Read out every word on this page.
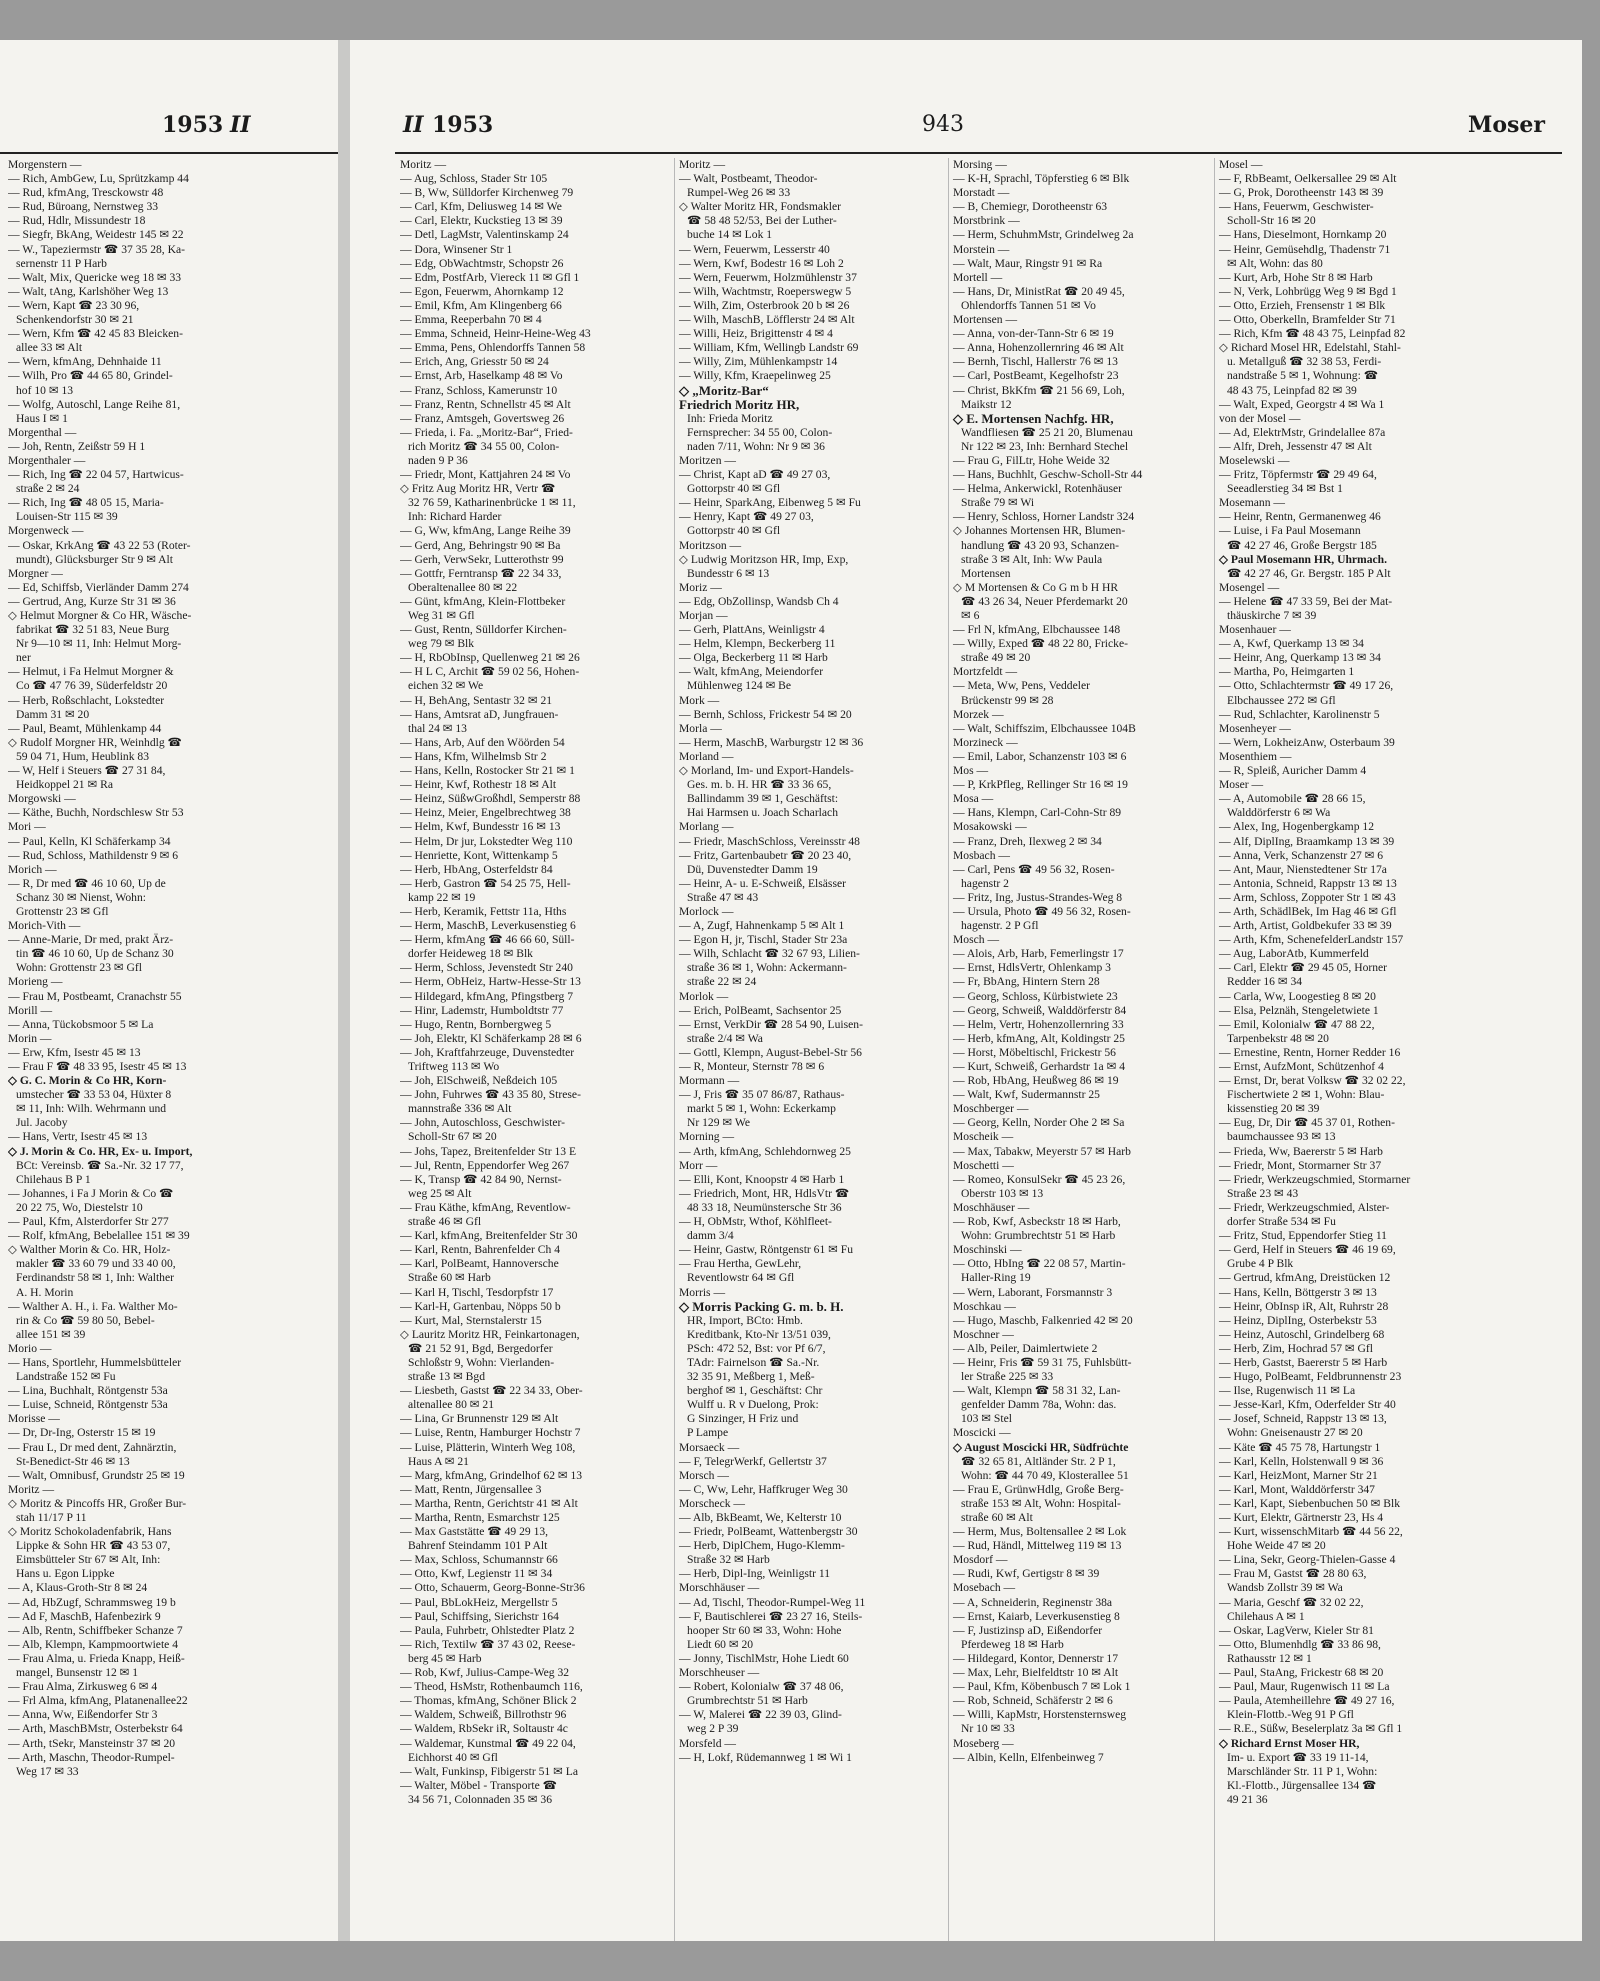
1953 II
Morgenstern —
— Rich, AmbGew, Lu, Sprützkamp 44
— Rud, kfmAng, Tresckowstr 48
— Rud, Büroang, Nernstweg 33
— Rud, Hdlr, Missundestr 18
— Siegfr, BkAng, Weidestr 145 ✉ 22
— W., Tapeziermstr ☎ 37 35 28, Ka-
sernenstr 11 P Harb
— Walt, Mix, Quericke weg 18 ✉ 33
— Walt, tAng, Karlshöher Weg 13
— Wern, Kapt ☎ 23 30 96,
Schenkendorfstr 30 ✉ 21
— Wern, Kfm ☎ 42 45 83 Bleicken-
allee 33 ✉ Alt
— Wern, kfmAng, Dehnhaide 11
— Wilh, Pro ☎ 44 65 80, Grindel-
hof 10 ✉ 13
— Wolfg, Autoschl, Lange Reihe 81,
Haus I ✉ 1
Morgenthal —
— Joh, Rentn, Zeißstr 59 H 1
Morgenthaler —
— Rich, Ing ☎ 22 04 57, Hartwicus-
straße 2 ✉ 24
— Rich, Ing ☎ 48 05 15, Maria-
Louisen-Str 115 ✉ 39
Morgenweck —
— Oskar, KrkAng ☎ 43 22 53 (Roter-
mundt), Glücksburger Str 9 ✉ Alt
Morgner —
— Ed, Schiffsb, Vierländer Damm 274
— Gertrud, Ang, Kurze Str 31 ✉ 36
◇ Helmut Morgner & Co HR, Wäsche-
fabrikat ☎ 32 51 83, Neue Burg
Nr 9—10 ✉ 11, Inh: Helmut Morg-
ner
— Helmut, i Fa Helmut Morgner &
Co ☎ 47 76 39, Süderfeldstr 20
— Herb, Roßschlacht, Lokstedter
Damm 31 ✉ 20
— Paul, Beamt, Mühlenkamp 44
◇ Rudolf Morgner HR, Weinhdlg ☎
59 04 71, Hum, Heublink 83
— W, Helf i Steuers ☎ 27 31 84,
Heidkoppel 21 ✉ Ra
Morgowski —
— Käthe, Buchh, Nordschlesw Str 53
Mori —
— Paul, Kelln, Kl Schäferkamp 34
— Rud, Schloss, Mathildenstr 9 ✉ 6
Morich —
— R, Dr med ☎ 46 10 60, Up de
Schanz 30 ✉ Nienst, Wohn:
Grottenstr 23 ✉ Gfl
Morich-Vith —
— Anne-Marie, Dr med, prakt Ärz-
tin ☎ 46 10 60, Up de Schanz 30
Wohn: Grottenstr 23 ✉ Gfl
Morieng —
— Frau M, Postbeamt, Cranachstr 55
Morill —
— Anna, Tückobsmoor 5 ✉ La
Morin —
— Erw, Kfm, Isestr 45 ✉ 13
— Frau F ☎ 48 33 95, Isestr 45 ✉ 13
◇ G. C. Morin & Co HR, Korn-
umstecher ☎ 33 53 04, Hüxter 8
✉ 11, Inh: Wilh. Wehrmann und
Jul. Jacoby
— Hans, Vertr, Isestr 45 ✉ 13
◇ J. Morin & Co. HR, Ex- u. Import,
BCt: Vereinsb. ☎ Sa.-Nr. 32 17 77,
Chilehaus B P 1
— Johannes, i Fa J Morin & Co ☎
20 22 75, Wo, Diestelstr 10
— Paul, Kfm, Alsterdorfer Str 277
— Rolf, kfmAng, Bebelallee 151 ✉ 39
◇ Walther Morin & Co. HR, Holz-
makler ☎ 33 60 79 und 33 40 00,
Ferdinandstr 58 ✉ 1, Inh: Walther
A. H. Morin
— Walther A. H., i. Fa. Walther Mo-
rin & Co ☎ 59 80 50, Bebel-
allee 151 ✉ 39
Morio —
— Hans, Sportlehr, Hummelsbütteler
Landstraße 152 ✉ Fu
— Lina, Buchhalt, Röntgenstr 53a
— Luise, Schneid, Röntgenstr 53a
Morisse —
— Dr, Dr-Ing, Osterstr 15 ✉ 19
— Frau L, Dr med dent, Zahnärztin,
St-Benedict-Str 46 ✉ 13
— Walt, Omnibusf, Grundstr 25 ✉ 19
Moritz —
◇ Moritz & Pincoffs HR, Großer Bur-
stah 11/17 P 11
◇ Moritz Schokoladenfabrik, Hans
Lippke & Sohn HR ☎ 43 53 07,
Eimsbütteler Str 67 ✉ Alt, Inh:
Hans u. Egon Lippke
— A, Klaus-Groth-Str 8 ✉ 24
— Ad, HbZugf, Schrammsweg 19 b
— Ad F, MaschB, Hafenbezirk 9
— Alb, Rentn, Schiffbeker Schanze 7
— Alb, Klempn, Kampmoortwiete 4
— Frau Alma, u. Frieda Knapp, Heiß-
mangel, Bunsenstr 12 ✉ 1
— Frau Alma, Zirkusweg 6 ✉ 4
— Frl Alma, kfmAng, Platanenallee22
— Anna, Ww, Eißendorfer Str 3
— Arth, MaschBMstr, Osterbekstr 64
— Arth, tSekr, Mansteinstr 37 ✉ 20
— Arth, Maschn, Theodor-Rumpel-
Weg 17 ✉ 33
II 1953	943	Moser
Moritz —
— Aug, Schloss, Stader Str 105
— B, Ww, Sülldorfer Kirchenweg 79
— Carl, Kfm, Deliusweg 14 ✉ We
— Carl, Elektr, Kuckstieg 13 ✉ 39
— Detl, LagMstr, Valentinskamp 24
— Dora, Winsener Str 1
— Edg, ObWachtmstr, Schopstr 26
— Edm, PostfArb, Viereck 11 ✉ Gfl 1
— Egon, Feuerwm, Ahornkamp 12
— Emil, Kfm, Am Klingenberg 66
— Emma, Reeperbahn 70 ✉ 4
— Emma, Schneid, Heinr-Heine-Weg 43
— Emma, Pens, Ohlendorffs Tannen 58
— Erich, Ang, Griesstr 50 ✉ 24
— Ernst, Arb, Haselkamp 48 ✉ Vo
— Franz, Schloss, Kamerunstr 10
— Franz, Rentn, Schnellstr 45 ✉ Alt
— Franz, Amtsgeh, Govertsweg 26
— Frieda, i. Fa. „Moritz-Bar“, Fried-
rich Moritz ☎ 34 55 00, Colon-
naden 9 P 36
— Friedr, Mont, Kattjahren 24 ✉ Vo
◇ Fritz Aug Moritz HR, Vertr ☎
32 76 59, Katharinenbrücke 1 ✉ 11,
Inh: Richard Harder
— G, Ww, kfmAng, Lange Reihe 39
— Gerd, Ang, Behringstr 90 ✉ Ba
— Gerh, VerwSekr, Lutterothstr 99
— Gottfr, Ferntransp ☎ 22 34 33,
Oberaltenallee 80 ✉ 22
— Günt, kfmAng, Klein-Flottbeker
Weg 31 ✉ Gfl
— Gust, Rentn, Sülldorfer Kirchen-
weg 79 ✉ Blk
— H, RbObInsp, Quellenweg 21 ✉ 26
— H L C, Archit ☎ 59 02 56, Hohen-
eichen 32 ✉ We
— H, BehAng, Sentastr 32 ✉ 21
— Hans, Amtsrat aD, Jungfrauen-
thal 24 ✉ 13
— Hans, Arb, Auf den Wöörden 54
— Hans, Kfm, Wilhelmsb Str 2
— Hans, Kelln, Rostocker Str 21 ✉ 1
— Heinr, Kwf, Rothestr 18 ✉ Alt
— Heinz, SüßwGroßhdl, Semperstr 88
— Heinz, Meier, Engelbrechtweg 38
— Helm, Kwf, Bundesstr 16 ✉ 13
— Helm, Dr jur, Lokstedter Weg 110
— Henriette, Kont, Wittenkamp 5
— Herb, HbAng, Osterfeldstr 84
— Herb, Gastron ☎ 54 25 75, Hell-
kamp 22 ✉ 19
— Herb, Keramik, Fettstr 11a, Hths
— Herm, MaschB, Leverkusenstieg 6
— Herm, kfmAng ☎ 46 66 60, Süll-
dorfer Heideweg 18 ✉ Blk
— Herm, Schloss, Jevenstedt Str 240
— Herm, ObHeiz, Hartw-Hesse-Str 13
— Hildegard, kfmAng, Pfingstberg 7
— Hinr, Lademstr, Humboldtstr 77
— Hugo, Rentn, Bornbergweg 5
— Joh, Elektr, Kl Schäferkamp 28 ✉ 6
— Joh, Kraftfahrzeuge, Duvenstedter
Triftweg 113 ✉ Wo
— Joh, ElSchweiß, Neßdeich 105
— John, Fuhrwes ☎ 43 35 80, Strese-
mannstraße 336 ✉ Alt
— John, Autoschloss, Geschwister-
Scholl-Str 67 ✉ 20
— Johs, Tapez, Breitenfelder Str 13 E
— Jul, Rentn, Eppendorfer Weg 267
— K, Transp ☎ 42 84 90, Nernst-
weg 25 ✉ Alt
— Frau Käthe, kfmAng, Reventlow-
straße 46 ✉ Gfl
— Karl, kfmAng, Breitenfelder Str 30
— Karl, Rentn, Bahrenfelder Ch 4
— Karl, PolBeamt, Hannoversche
Straße 60 ✉ Harb
— Karl H, Tischl, Tesdorpfstr 17
— Karl-H, Gartenbau, Nöpps 50 b
— Kurt, Mal, Sternstalerstr 15
◇ Lauritz Moritz HR, Feinkartonagen,
☎ 21 52 91, Bgd, Bergedorfer
Schloßstr 9, Wohn: Vierlanden-
straße 13 ✉ Bgd
— Liesbeth, Gastst ☎ 22 34 33, Ober-
altenallee 80 ✉ 21
— Lina, Gr Brunnenstr 129 ✉ Alt
— Luise, Rentn, Hamburger Hochstr 7
— Luise, Plätterin, Winterh Weg 108,
Haus A ✉ 21
— Marg, kfmAng, Grindelhof 62 ✉ 13
— Matt, Rentn, Jürgensallee 3
— Martha, Rentn, Gerichtstr 41 ✉ Alt
— Martha, Rentn, Esmarchstr 125
— Max Gaststätte ☎ 49 29 13,
Bahrenf Steindamm 101 P Alt
— Max, Schloss, Schumannstr 66
— Otto, Kwf, Legienstr 11 ✉ 34
— Otto, Schauerm, Georg-Bonne-Str36
— Paul, BbLokHeiz, Mergellstr 5
— Paul, Schiffsing, Sierichstr 164
— Paula, Fuhrbetr, Ohlstedter Platz 2
— Rich, Textilw ☎ 37 43 02, Reese-
berg 45 ✉ Harb
— Rob, Kwf, Julius-Campe-Weg 32
— Theod, HsMstr, Rothenbaumch 116,
— Thomas, kfmAng, Schöner Blick 2
— Waldem, Schweiß, Billrothstr 96
— Waldem, RbSekr iR, Soltaustr 4c
— Waldemar, Kunstmal ☎ 49 22 04,
Eichhorst 40 ✉ Gfl
— Walt, Funkinsp, Fibigerstr 51 ✉ La
— Walter, Möbel - Transporte ☎
34 56 71, Colonnaden 35 ✉ 36
Moritz —
— Walt, Postbeamt, Theodor-
Rumpel-Weg 26 ✉ 33
◇ Walter Moritz HR, Fondsmakler
☎ 58 48 52/53, Bei der Luther-
buche 14 ✉ Lok 1
— Wern, Feuerwm, Lesserstr 40
— Wern, Kwf, Bodestr 16 ✉ Loh 2
— Wern, Feuerwm, Holzmühlenstr 37
— Wilh, Wachtmstr, Roeperswegw 5
— Wilh, Zim, Osterbrook 20 b ✉ 26
— Wilh, MaschB, Löfflerstr 24 ✉ Alt
— Willi, Heiz, Brigittenstr 4 ✉ 4
— William, Kfm, Wellingb Landstr 69
— Willy, Zim, Mühlenkampstr 14
— Willy, Kfm, Kraepelinweg 25
◇ „Moritz-Bar“
Friedrich Moritz HR,
Inh: Frieda Moritz
Fernsprecher: 34 55 00, Colon-
naden 7/11, Wohn: Nr 9 ✉ 36
Moritzen —
— Christ, Kapt aD ☎ 49 27 03,
Gottorpstr 40 ✉ Gfl
— Heinr, SparkAng, Eibenweg 5 ✉ Fu
— Henry, Kapt ☎ 49 27 03,
Gottorpstr 40 ✉ Gfl
Moritzson —
◇ Ludwig Moritzson HR, Imp, Exp,
Bundesstr 6 ✉ 13
Moriz —
— Edg, ObZollinsp, Wandsb Ch 4
Morjan —
— Gerh, PlattAns, Weinligstr 4
— Helm, Klempn, Beckerberg 11
— Olga, Beckerberg 11 ✉ Harb
— Walt, kfmAng, Meiendorfer
Mühlenweg 124 ✉ Be
Mork —
— Bernh, Schloss, Frickestr 54 ✉ 20
Morla —
— Herm, MaschB, Warburgstr 12 ✉ 36
Morland —
◇ Morland, Im- und Export-Handels-
Ges. m. b. H. HR ☎ 33 36 65,
Ballindamm 39 ✉ 1, Geschäftst:
Hai Harmsen u. Joach Scharlach
Morlang —
— Friedr, MaschSchloss, Vereinsstr 48
— Fritz, Gartenbaubetr ☎ 20 23 40,
Dü, Duvenstedter Damm 19
— Heinr, A- u. E-Schweiß, Elsässer
Straße 47 ✉ 43
Morlock —
— A, Zugf, Hahnenkamp 5 ✉ Alt 1
— Egon H, jr, Tischl, Stader Str 23a
— Wilh, Schlacht ☎ 32 67 93, Lilien-
straße 36 ✉ 1, Wohn: Ackermann-
straße 22 ✉ 24
Morlok —
— Erich, PolBeamt, Sachsentor 25
— Ernst, VerkDir ☎ 28 54 90, Luisen-
straße 2/4 ✉ Wa
— Gottl, Klempn, August-Bebel-Str 56
— R, Monteur, Sternstr 78 ✉ 6
Mormann —
— J, Fris ☎ 35 07 86/87, Rathaus-
markt 5 ✉ 1, Wohn: Eckerkamp
Nr 129 ✉ We
Morning —
— Arth, kfmAng, Schlehdornweg 25
Morr —
— Elli, Kont, Knoopstr 4 ✉ Harb 1
— Friedrich, Mont, HR, HdlsVtr ☎
48 33 18, Neumünstersche Str 36
— H, ObMstr, Wthof, Köhlfleet-
damm 3/4
— Heinr, Gastw, Röntgenstr 61 ✉ Fu
— Frau Hertha, GewLehr,
Reventlowstr 64 ✉ Gfl
Morris —
◇ Morris Packing G. m. b. H.
HR, Import, BCto: Hmb.
Kreditbank, Kto-Nr 13/51 039,
PSch: 472 52, Bst: vor Pf 6/7,
TAdr: Fairnelson ☎ Sa.-Nr.
32 35 91, Meßberg 1, Meß-
berghof ✉ 1, Geschäftst: Chr
Wulff u. R v Duelong, Prok:
G Sinzinger, H Friz und
P Lampe
Morsaeck —
— F, TelegrWerkf, Gellertstr 37
Morsch —
— C, Ww, Lehr, Haffkruger Weg 30
Morscheck —
— Alb, BkBeamt, We, Kelterstr 10
— Friedr, PolBeamt, Wattenbergstr 30
— Herb, DiplChem, Hugo-Klemm-
Straße 32 ✉ Harb
— Herb, Dipl-Ing, Weinligstr 11
Morschhäuser —
— Ad, Tischl, Theodor-Rumpel-Weg 11
— F, Bautischlerei ☎ 23 27 16, Steils-
hooper Str 60 ✉ 33, Wohn: Hohe
Liedt 60 ✉ 20
— Jonny, TischlMstr, Hohe Liedt 60
Morschheuser —
— Robert, Kolonialw ☎ 37 48 06,
Grumbrechtstr 51 ✉ Harb
— W, Malerei ☎ 22 39 03, Glind-
weg 2 P 39
Morsfeld —
— H, Lokf, Rüdemannweg 1 ✉ Wi 1
Morsing —
— K-H, Sprachl, Töpferstieg 6 ✉ Blk
Morstadt —
— B, Chemiegr, Dorotheenstr 63
Morstbrink —
— Herm, SchuhmMstr, Grindelweg 2a
Morstein —
— Walt, Maur, Ringstr 91 ✉ Ra
Mortell —
— Hans, Dr, MinistRat ☎ 20 49 45,
Ohlendorffs Tannen 51 ✉ Vo
Mortensen —
— Anna, von-der-Tann-Str 6 ✉ 19
— Anna, Hohenzollernring 46 ✉ Alt
— Bernh, Tischl, Hallerstr 76 ✉ 13
— Carl, PostBeamt, Kegelhofstr 23
— Christ, BkKfm ☎ 21 56 69, Loh,
Maikstr 12
◇ E. Mortensen Nachfg. HR,
Wandfliesen ☎ 25 21 20, Blumenau
Nr 122 ✉ 23, Inh: Bernhard Stechel
— Frau G, FilLtr, Hohe Weide 32
— Hans, Buchhlt, Geschw-Scholl-Str 44
— Helma, Ankerwickl, Rotenhäuser
Straße 79 ✉ Wi
— Henry, Schloss, Horner Landstr 324
◇ Johannes Mortensen HR, Blumen-
handlung ☎ 43 20 93, Schanzen-
straße 3 ✉ Alt, Inh: Ww Paula
Mortensen
◇ M Mortensen & Co G m b H HR
☎ 43 26 34, Neuer Pferdemarkt 20
✉ 6
— Frl N, kfmAng, Elbchaussee 148
— Willy, Exped ☎ 48 22 80, Fricke-
straße 49 ✉ 20
Mortzfeldt —
— Meta, Ww, Pens, Veddeler
Brückenstr 99 ✉ 28
Morzek —
— Walt, Schiffszim, Elbchaussee 104B
Morzineck —
— Emil, Labor, Schanzenstr 103 ✉ 6
Mos —
— P, KrkPfleg, Rellinger Str 16 ✉ 19
Mosa —
— Hans, Klempn, Carl-Cohn-Str 89
Mosakowski —
— Franz, Dreh, Ilexweg 2 ✉ 34
Mosbach —
— Carl, Pens ☎ 49 56 32, Rosen-
hagenstr 2
— Fritz, Ing, Justus-Strandes-Weg 8
— Ursula, Photo ☎ 49 56 32, Rosen-
hagenstr. 2 P Gfl
Mosch —
— Alois, Arb, Harb, Femerlingstr 17
— Ernst, HdlsVertr, Ohlenkamp 3
— Fr, BbAng, Hintern Stern 28
— Georg, Schloss, Kürbistwiete 23
— Georg, Schweiß, Walddörferstr 84
— Helm, Vertr, Hohenzollernring 33
— Herb, kfmAng, Alt, Koldingstr 25
— Horst, Möbeltischl, Frickestr 56
— Kurt, Schweiß, Gerhardstr 1a ✉ 4
— Rob, HbAng, Heußweg 86 ✉ 19
— Walt, Kwf, Sudermannstr 25
Moschberger —
— Georg, Kelln, Norder Ohe 2 ✉ Sa
Moscheik —
— Max, Tabakw, Meyerstr 57 ✉ Harb
Moschetti —
— Romeo, KonsulSekr ☎ 45 23 26,
Oberstr 103 ✉ 13
Moschhäuser —
— Rob, Kwf, Asbeckstr 18 ✉ Harb,
Wohn: Grumbrechtstr 51 ✉ Harb
Moschinski —
— Otto, HbIng ☎ 22 08 57, Martin-
Haller-Ring 19
— Wern, Laborant, Forsmannstr 3
Moschkau —
— Hugo, Maschb, Falkenried 42 ✉ 20
Moschner —
— Alb, Peiler, Daimlertwiete 2
— Heinr, Fris ☎ 59 31 75, Fuhlsbütt-
ler Straße 225 ✉ 33
— Walt, Klempn ☎ 58 31 32, Lan-
genfelder Damm 78a, Wohn: das.
103 ✉ Stel
Moscicki —
◇ August Moscicki HR, Südfrüchte
☎ 32 65 81, Altländer Str. 2 P 1,
Wohn: ☎ 44 70 49, Klosterallee 51
— Frau E, GrünwHdlg, Große Berg-
straße 153 ✉ Alt, Wohn: Hospital-
straße 60 ✉ Alt
— Herm, Mus, Boltensallee 2 ✉ Lok
— Rud, Händl, Mittelweg 119 ✉ 13
Mosdorf —
— Rudi, Kwf, Gertigstr 8 ✉ 39
Mosebach —
— A, Schneiderin, Reginenstr 38a
— Ernst, Kaiarb, Leverkusenstieg 8
— F, Justizinsp aD, Eißendorfer
Pferdeweg 18 ✉ Harb
— Hildegard, Kontor, Dennerstr 17
— Max, Lehr, Bielfeldtstr 10 ✉ Alt
— Paul, Kfm, Köbenbusch 7 ✉ Lok 1
— Rob, Schneid, Schäferstr 2 ✉ 6
— Willi, KapMstr, Horstensternsweg
Nr 10 ✉ 33
Moseberg —
— Albin, Kelln, Elfenbeinweg 7
Mosel —
— F, RbBeamt, Oelkersallee 29 ✉ Alt
— G, Prok, Dorotheenstr 143 ✉ 39
— Hans, Feuerwm, Geschwister-
Scholl-Str 16 ✉ 20
— Hans, Dieselmont, Hornkamp 20
— Heinr, Gemüsehdlg, Thadenstr 71
✉ Alt, Wohn: das 80
— Kurt, Arb, Hohe Str 8 ✉ Harb
— N, Verk, Lohbrügg Weg 9 ✉ Bgd 1
— Otto, Erzieh, Frensenstr 1 ✉ Blk
— Otto, Oberkelln, Bramfelder Str 71
— Rich, Kfm ☎ 48 43 75, Leinpfad 82
◇ Richard Mosel HR, Edelstahl, Stahl-
u. Metallguß ☎ 32 38 53, Ferdi-
nandstraße 5 ✉ 1, Wohnung: ☎
48 43 75, Leinpfad 82 ✉ 39
— Walt, Exped, Georgstr 4 ✉ Wa 1
von der Mosel —
— Ad, ElektrMstr, Grindelallee 87a
— Alfr, Dreh, Jessenstr 47 ✉ Alt
Moselewski —
— Fritz, Töpfermstr ☎ 29 49 64,
Seeadlerstieg 34 ✉ Bst 1
Mosemann —
— Heinr, Rentn, Germanenweg 46
— Luise, i Fa Paul Mosemann
☎ 42 27 46, Große Bergstr 185
◇ Paul Mosemann HR, Uhrmach.
☎ 42 27 46, Gr. Bergstr. 185 P Alt
Mosengel —
— Helene ☎ 47 33 59, Bei der Mat-
thäuskirche 7 ✉ 39
Mosenhauer —
— A, Kwf, Querkamp 13 ✉ 34
— Heinr, Ang, Querkamp 13 ✉ 34
— Martha, Po, Heimgarten 1
— Otto, Schlachtermstr ☎ 49 17 26,
Elbchaussee 272 ✉ Gfl
— Rud, Schlachter, Karolinenstr 5
Mosenheyer —
— Wern, LokheizAnw, Osterbaum 39
Mosenthiem —
— R, Spleiß, Auricher Damm 4
Moser —
— A, Automobile ☎ 28 66 15,
Walddörferstr 6 ✉ Wa
— Alex, Ing, Hogenbergkamp 12
— Alf, DiplIng, Braamkamp 13 ✉ 39
— Anna, Verk, Schanzenstr 27 ✉ 6
— Ant, Maur, Nienstedtener Str 17a
— Antonia, Schneid, Rappstr 13 ✉ 13
— Arm, Schloss, Zoppoter Str 1 ✉ 43
— Arth, SchädlBek, Im Hag 46 ✉ Gfl
— Arth, Artist, Goldbekufer 33 ✉ 39
— Arth, Kfm, SchenefelderLandstr 157
— Aug, LaborAtb, Kummerfeld
— Carl, Elektr ☎ 29 45 05, Horner
Redder 16 ✉ 34
— Carla, Ww, Loogestieg 8 ✉ 20
— Elsa, Pelznäh, Stengeletwiete 1
— Emil, Kolonialw ☎ 47 88 22,
Tarpenbekstr 48 ✉ 20
— Ernestine, Rentn, Horner Redder 16
— Ernst, AufzMont, Schützenhof 4
— Ernst, Dr, berat Volksw ☎ 32 02 22,
Fischertwiete 2 ✉ 1, Wohn: Blau-
kissenstieg 20 ✉ 39
— Eug, Dr, Dir ☎ 45 37 01, Rothen-
baumchaussee 93 ✉ 13
— Frieda, Ww, Baererstr 5 ✉ Harb
— Friedr, Mont, Stormarner Str 37
— Friedr, Werkzeugschmied, Stormarner
Straße 23 ✉ 43
— Friedr, Werkzeugschmied, Alster-
dorfer Straße 534 ✉ Fu
— Fritz, Stud, Eppendorfer Stieg 11
— Gerd, Helf in Steuers ☎ 46 19 69,
Grube 4 P Blk
— Gertrud, kfmAng, Dreistücken 12
— Hans, Kelln, Böttgerstr 3 ✉ 13
— Heinr, ObInsp iR, Alt, Ruhrstr 28
— Heinz, DiplIng, Osterbekstr 53
— Heinz, Autoschl, Grindelberg 68
— Herb, Zim, Hochrad 57 ✉ Gfl
— Herb, Gastst, Baererstr 5 ✉ Harb
— Hugo, PolBeamt, Feldbrunnenstr 23
— Ilse, Rugenwisch 11 ✉ La
— Jesse-Karl, Kfm, Oderfelder Str 40
— Josef, Schneid, Rappstr 13 ✉ 13,
Wohn: Gneisenaustr 27 ✉ 20
— Käte ☎ 45 75 78, Hartungstr 1
— Karl, Kelln, Holstenwall 9 ✉ 36
— Karl, HeizMont, Marner Str 21
— Karl, Mont, Walddörferstr 347
— Karl, Kapt, Siebenbuchen 50 ✉ Blk
— Kurt, Elektr, Gärtnerstr 23, Hs 4
— Kurt, wissenschMitarb ☎ 44 56 22,
Hohe Weide 47 ✉ 20
— Lina, Sekr, Georg-Thielen-Gasse 4
— Frau M, Gastst ☎ 28 80 63,
Wandsb Zollstr 39 ✉ Wa
— Maria, Geschf ☎ 32 02 22,
Chilehaus A ✉ 1
— Oskar, LagVerw, Kieler Str 81
— Otto, Blumenhdlg ☎ 33 86 98,
Rathausstr 12 ✉ 1
— Paul, StaAng, Frickestr 68 ✉ 20
— Paul, Maur, Rugenwisch 11 ✉ La
— Paula, Atemheillehre ☎ 49 27 16,
Klein-Flottb.-Weg 91 P Gfl
— R.E., Süßw, Beselerplatz 3a ✉ Gfl 1
◇ Richard Ernst Moser HR,
Im- u. Export ☎ 33 19 11-14,
Marschländer Str. 11 P 1, Wohn:
Kl.-Flottb., Jürgensallee 134 ☎
49 21 36
